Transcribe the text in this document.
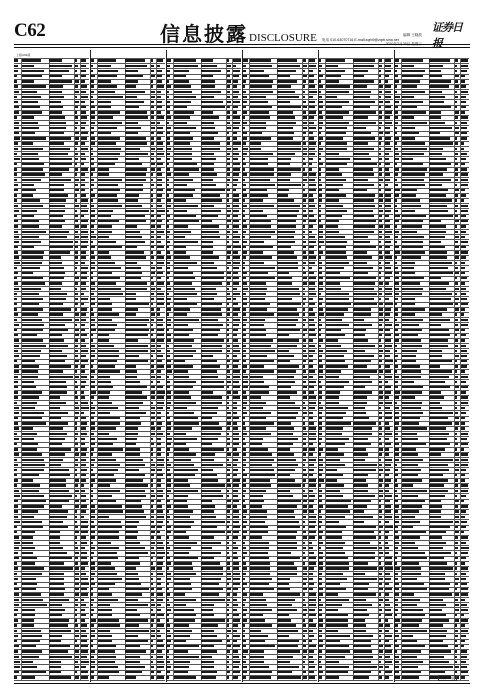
C62	信息披露DISCLOSURE	编辑 王晓波
电话 010-63070716 E-mail:zqrb9@zqrb.sina.net
2020年3月25日 星期三
证券日报
上接C61版
下转C63版
